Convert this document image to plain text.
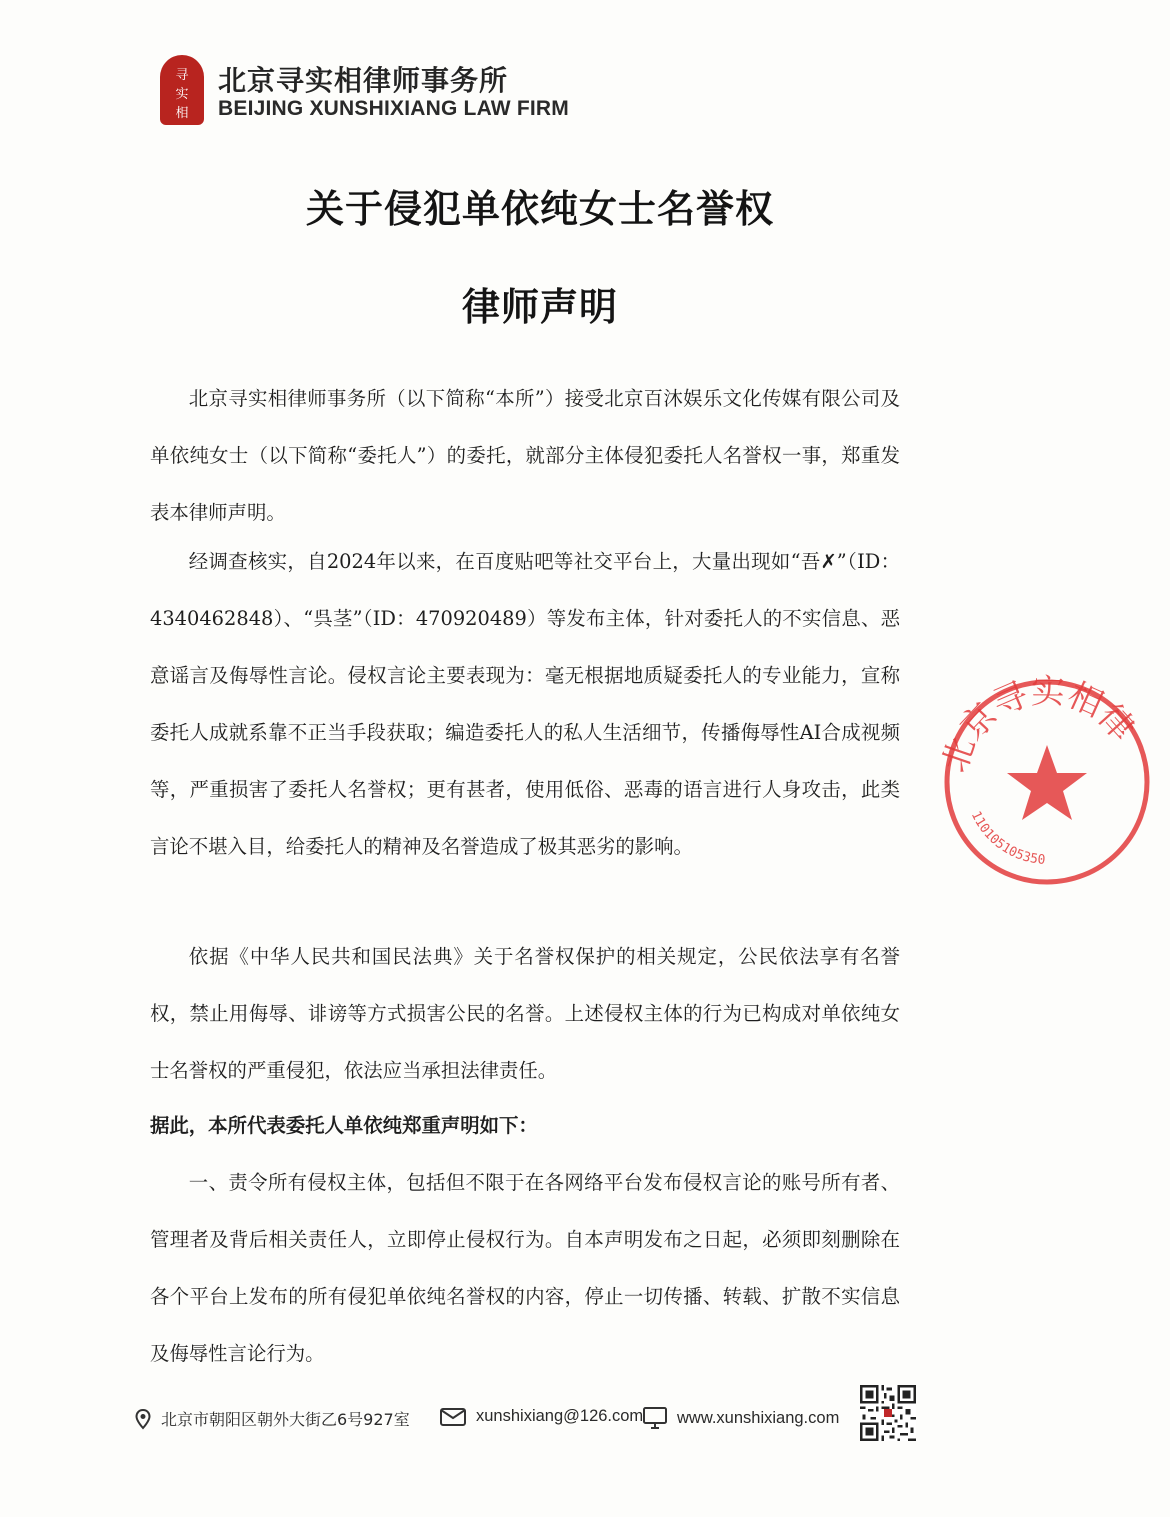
寻
实
相
北京寻实相律师事务所
BEIJING XUNSHIXIANG LAW FIRM
关于侵犯单依纯女士名誉权
律师声明

北京寻实相律师事务所（以下简称“本所”）接受北京百沐娱乐文化传媒有限公司及单依纯女士（以下简称“委托人”）的委托，就部分主体侵犯委托人名誉权一事，郑重发表本律师声明。

经调查核实，自2024年以来，在百度贴吧等社交平台上，大量出现如“吾✗”（ID：4340462848）、“呉茎”（ID：470920489）等发布主体，针对委托人的不实信息、恶意谣言及侮辱性言论。侵权言论主要表现为：毫无根据地质疑委托人的专业能力，宣称委托人成就系靠不正当手段获取；编造委托人的私人生活细节，传播侮辱性AI合成视频等，严重损害了委托人名誉权；更有甚者，使用低俗、恶毒的语言进行人身攻击，此类言论不堪入目，给委托人的精神及名誉造成了极其恶劣的影响。

依据《中华人民共和国民法典》关于名誉权保护的相关规定，公民依法享有名誉权，禁止用侮辱、诽谤等方式损害公民的名誉。上述侵权主体的行为已构成对单依纯女士名誉权的严重侵犯，依法应当承担法律责任。

据此，本所代表委托人单依纯郑重声明如下：

一、责令所有侵权主体，包括但不限于在各网络平台发布侵权言论的账号所有者、管理者及背后相关责任人，立即停止侵权行为。自本声明发布之日起，必须即刻删除在各个平台上发布的所有侵犯单依纯名誉权的内容，停止一切传播、转载、扩散不实信息及侮辱性言论行为。

北京寻实相律
110105105350
北京市朝阳区朝外大街乙6号927室	xunshixiang@126.com www.xunshixiang.com
